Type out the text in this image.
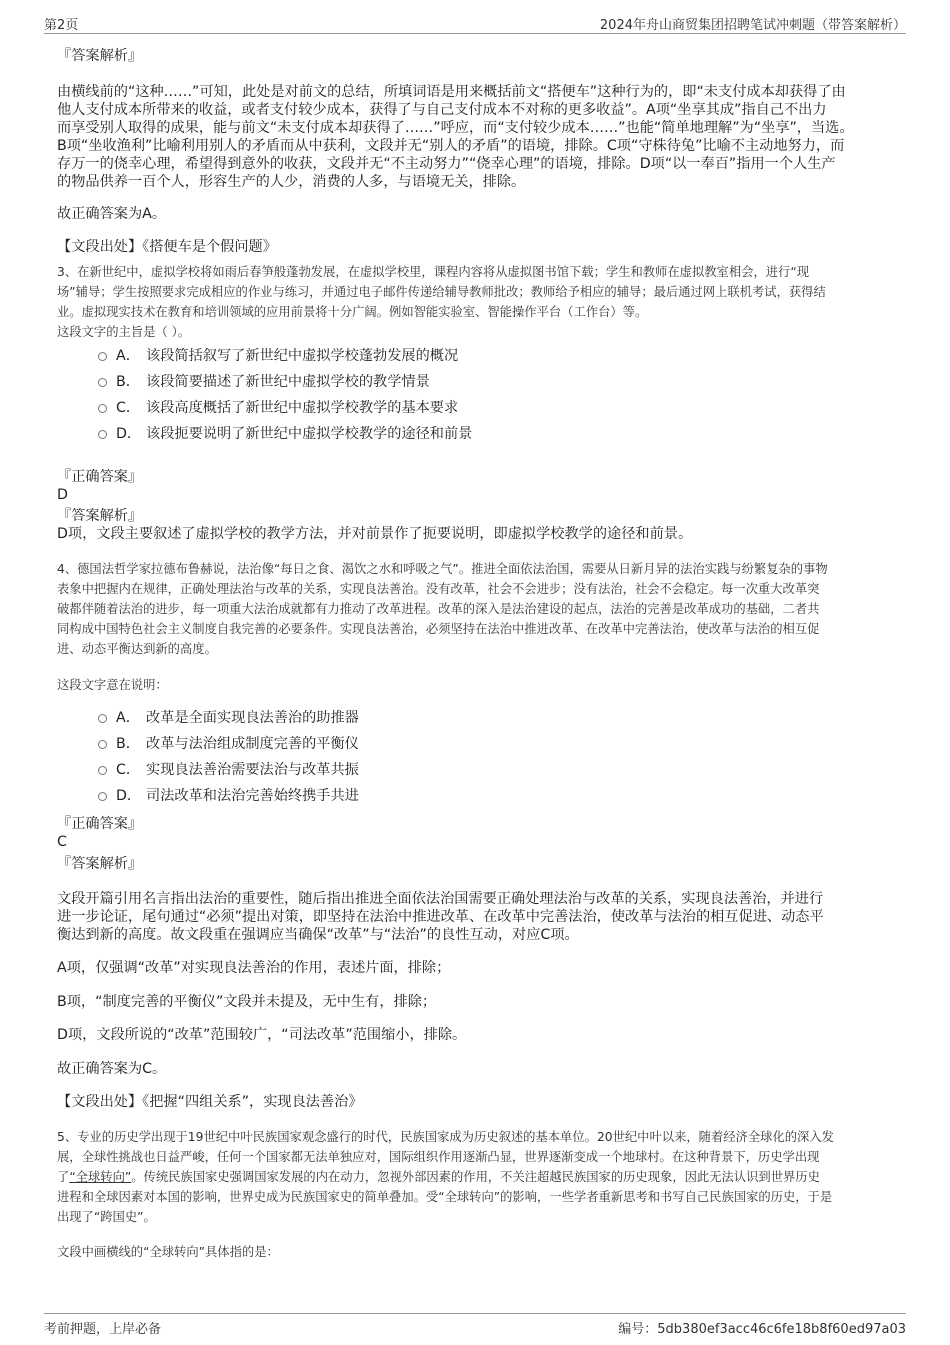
第2页	2024年舟山商贸集团招聘笔试冲刺题（带答案解析）
『答案解析』
由横线前的“这种……”可知，此处是对前文的总结，所填词语是用来概括前文“搭便车”这种行为的，即“未支付成本却获得了由
他人支付成本所带来的收益，或者支付较少成本，获得了与自己支付成本不对称的更多收益”。A项“坐享其成”指自己不出力
而享受别人取得的成果，能与前文“未支付成本却获得了……”呼应，而“支付较少成本……”也能“简单地理解”为“坐享”，当选。
B项“坐收渔利”比喻利用别人的矛盾而从中获利，文段并无“别人的矛盾”的语境，排除。C项“守株待兔”比喻不主动地努力，而
存万一的侥幸心理，希望得到意外的收获，文段并无“不主动努力”“侥幸心理”的语境，排除。D项“以一奉百”指用一个人生产
的物品供养一百个人，形容生产的人少，消费的人多，与语境无关，排除。
故正确答案为A。
【文段出处】《搭便车是个假问题》
3、在新世纪中，虚拟学校将如雨后春笋般蓬勃发展，在虚拟学校里，课程内容将从虚拟图书馆下载；学生和教师在虚拟教室相会，进行“现
场”辅导；学生按照要求完成相应的作业与练习，并通过电子邮件传递给辅导教师批改；教师给予相应的辅导；最后通过网上联机考试，获得结
业。虚拟现实技术在教育和培训领域的应用前景将十分广阔。例如智能实验室、智能操作平台（工作台）等。
这段文字的主旨是（ ）。
A． 该段简括叙写了新世纪中虚拟学校蓬勃发展的概况
B． 该段简要描述了新世纪中虚拟学校的教学情景
C． 该段高度概括了新世纪中虚拟学校教学的基本要求
D． 该段扼要说明了新世纪中虚拟学校教学的途径和前景
『正确答案』
D
『答案解析』
D项，文段主要叙述了虚拟学校的教学方法，并对前景作了扼要说明，即虚拟学校教学的途径和前景。
4、德国法哲学家拉德布鲁赫说，法治像“每日之食、渴饮之水和呼吸之气”。推进全面依法治国，需要从日新月异的法治实践与纷繁复杂的事物
表象中把握内在规律，正确处理法治与改革的关系，实现良法善治。没有改革，社会不会进步；没有法治，社会不会稳定。每一次重大改革突
破都伴随着法治的进步，每一项重大法治成就都有力推动了改革进程。改革的深入是法治建设的起点，法治的完善是改革成功的基础，二者共
同构成中国特色社会主义制度自我完善的必要条件。实现良法善治，必须坚持在法治中推进改革、在改革中完善法治，使改革与法治的相互促
进、动态平衡达到新的高度。
这段文字意在说明：
A． 改革是全面实现良法善治的助推器
B． 改革与法治组成制度完善的平衡仪
C． 实现良法善治需要法治与改革共振
D． 司法改革和法治完善始终携手共进
『正确答案』
C
『答案解析』
文段开篇引用名言指出法治的重要性，随后指出推进全面依法治国需要正确处理法治与改革的关系，实现良法善治，并进行
进一步论证，尾句通过“必须”提出对策，即坚持在法治中推进改革、在改革中完善法治，使改革与法治的相互促进、动态平
衡达到新的高度。故文段重在强调应当确保“改革”与“法治”的良性互动，对应C项。
A项，仅强调“改革”对实现良法善治的作用，表述片面，排除；
B项，“制度完善的平衡仪”文段并未提及，无中生有，排除；
D项，文段所说的“改革”范围较广，“司法改革”范围缩小，排除。
故正确答案为C。
【文段出处】《把握“四组关系”，实现良法善治》
5、专业的历史学出现于19世纪中叶民族国家观念盛行的时代，民族国家成为历史叙述的基本单位。20世纪中叶以来，随着经济全球化的深入发
展，全球性挑战也日益严峻，任何一个国家都无法单独应对，国际组织作用逐渐凸显，世界逐渐变成一个地球村。在这种背景下，历史学出现
了“全球转向”。传统民族国家史强调国家发展的内在动力，忽视外部因素的作用，不关注超越民族国家的历史现象，因此无法认识到世界历史
进程和全球因素对本国的影响，世界史成为民族国家史的简单叠加。受“全球转向”的影响，一些学者重新思考和书写自己民族国家的历史，于是
出现了“跨国史”。
文段中画横线的“全球转向”具体指的是：
考前押题，上岸必备	编号：5db380ef3acc46c6fe18b8f60ed97a03
